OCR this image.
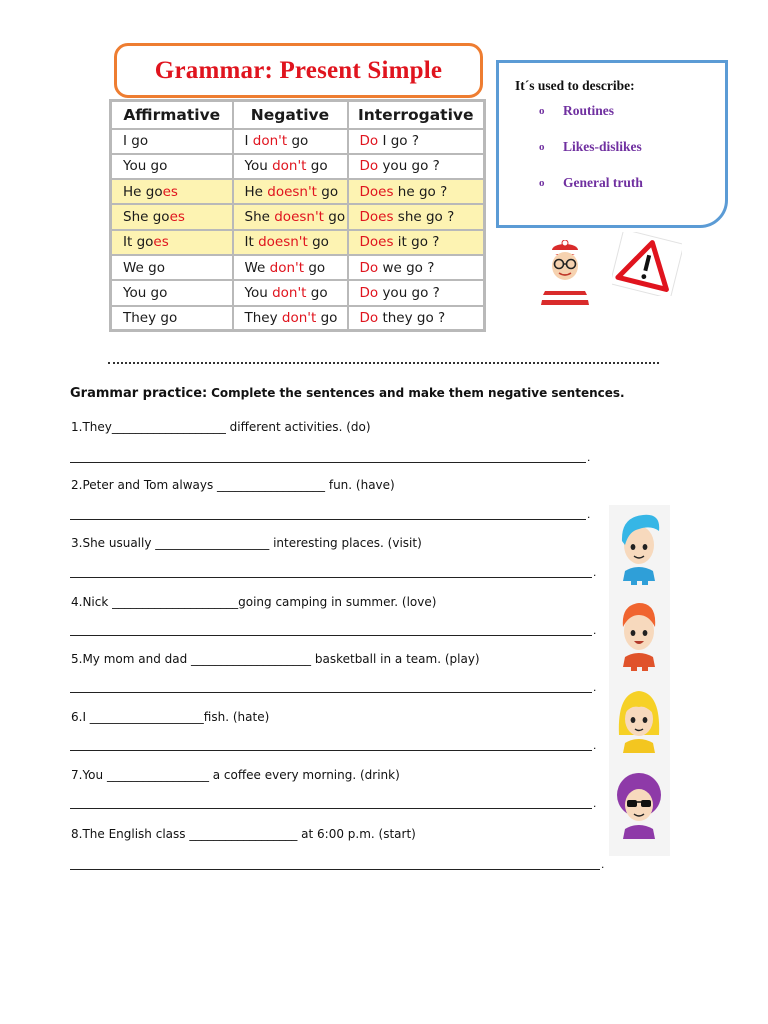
Grammar: Present Simple
Affirmative	Negative	Interrogative
I go	I don't go	Do I go ?
You go	You don't go	Do you go ?
He goes	He doesn't go	Does he go ?
She goes	She doesn't go	Does she go ?
It goes	It doesn't go	Does it go ?
We go	We don't go	Do we go ?
You go	You don't go	Do you go ?
They go	They don't go	Do they go ?
It´s used to describe:
o	Routines
o	Likes-dislikes
o	General truth
Grammar practice: Complete the sentences and make them negative sentences.
1.They___________________ different activities. (do)
.
2.Peter and Tom always __________________ fun. (have)
.
3.She usually ___________________ interesting places. (visit)
.
4.Nick _____________________going camping in summer. (love)
.
5.My mom and dad ____________________ basketball in a team. (play)
.
6.I ___________________fish. (hate)
.
7.You _________________ a coffee every morning. (drink)
.
8.The English class __________________ at 6:00 p.m. (start)
.
